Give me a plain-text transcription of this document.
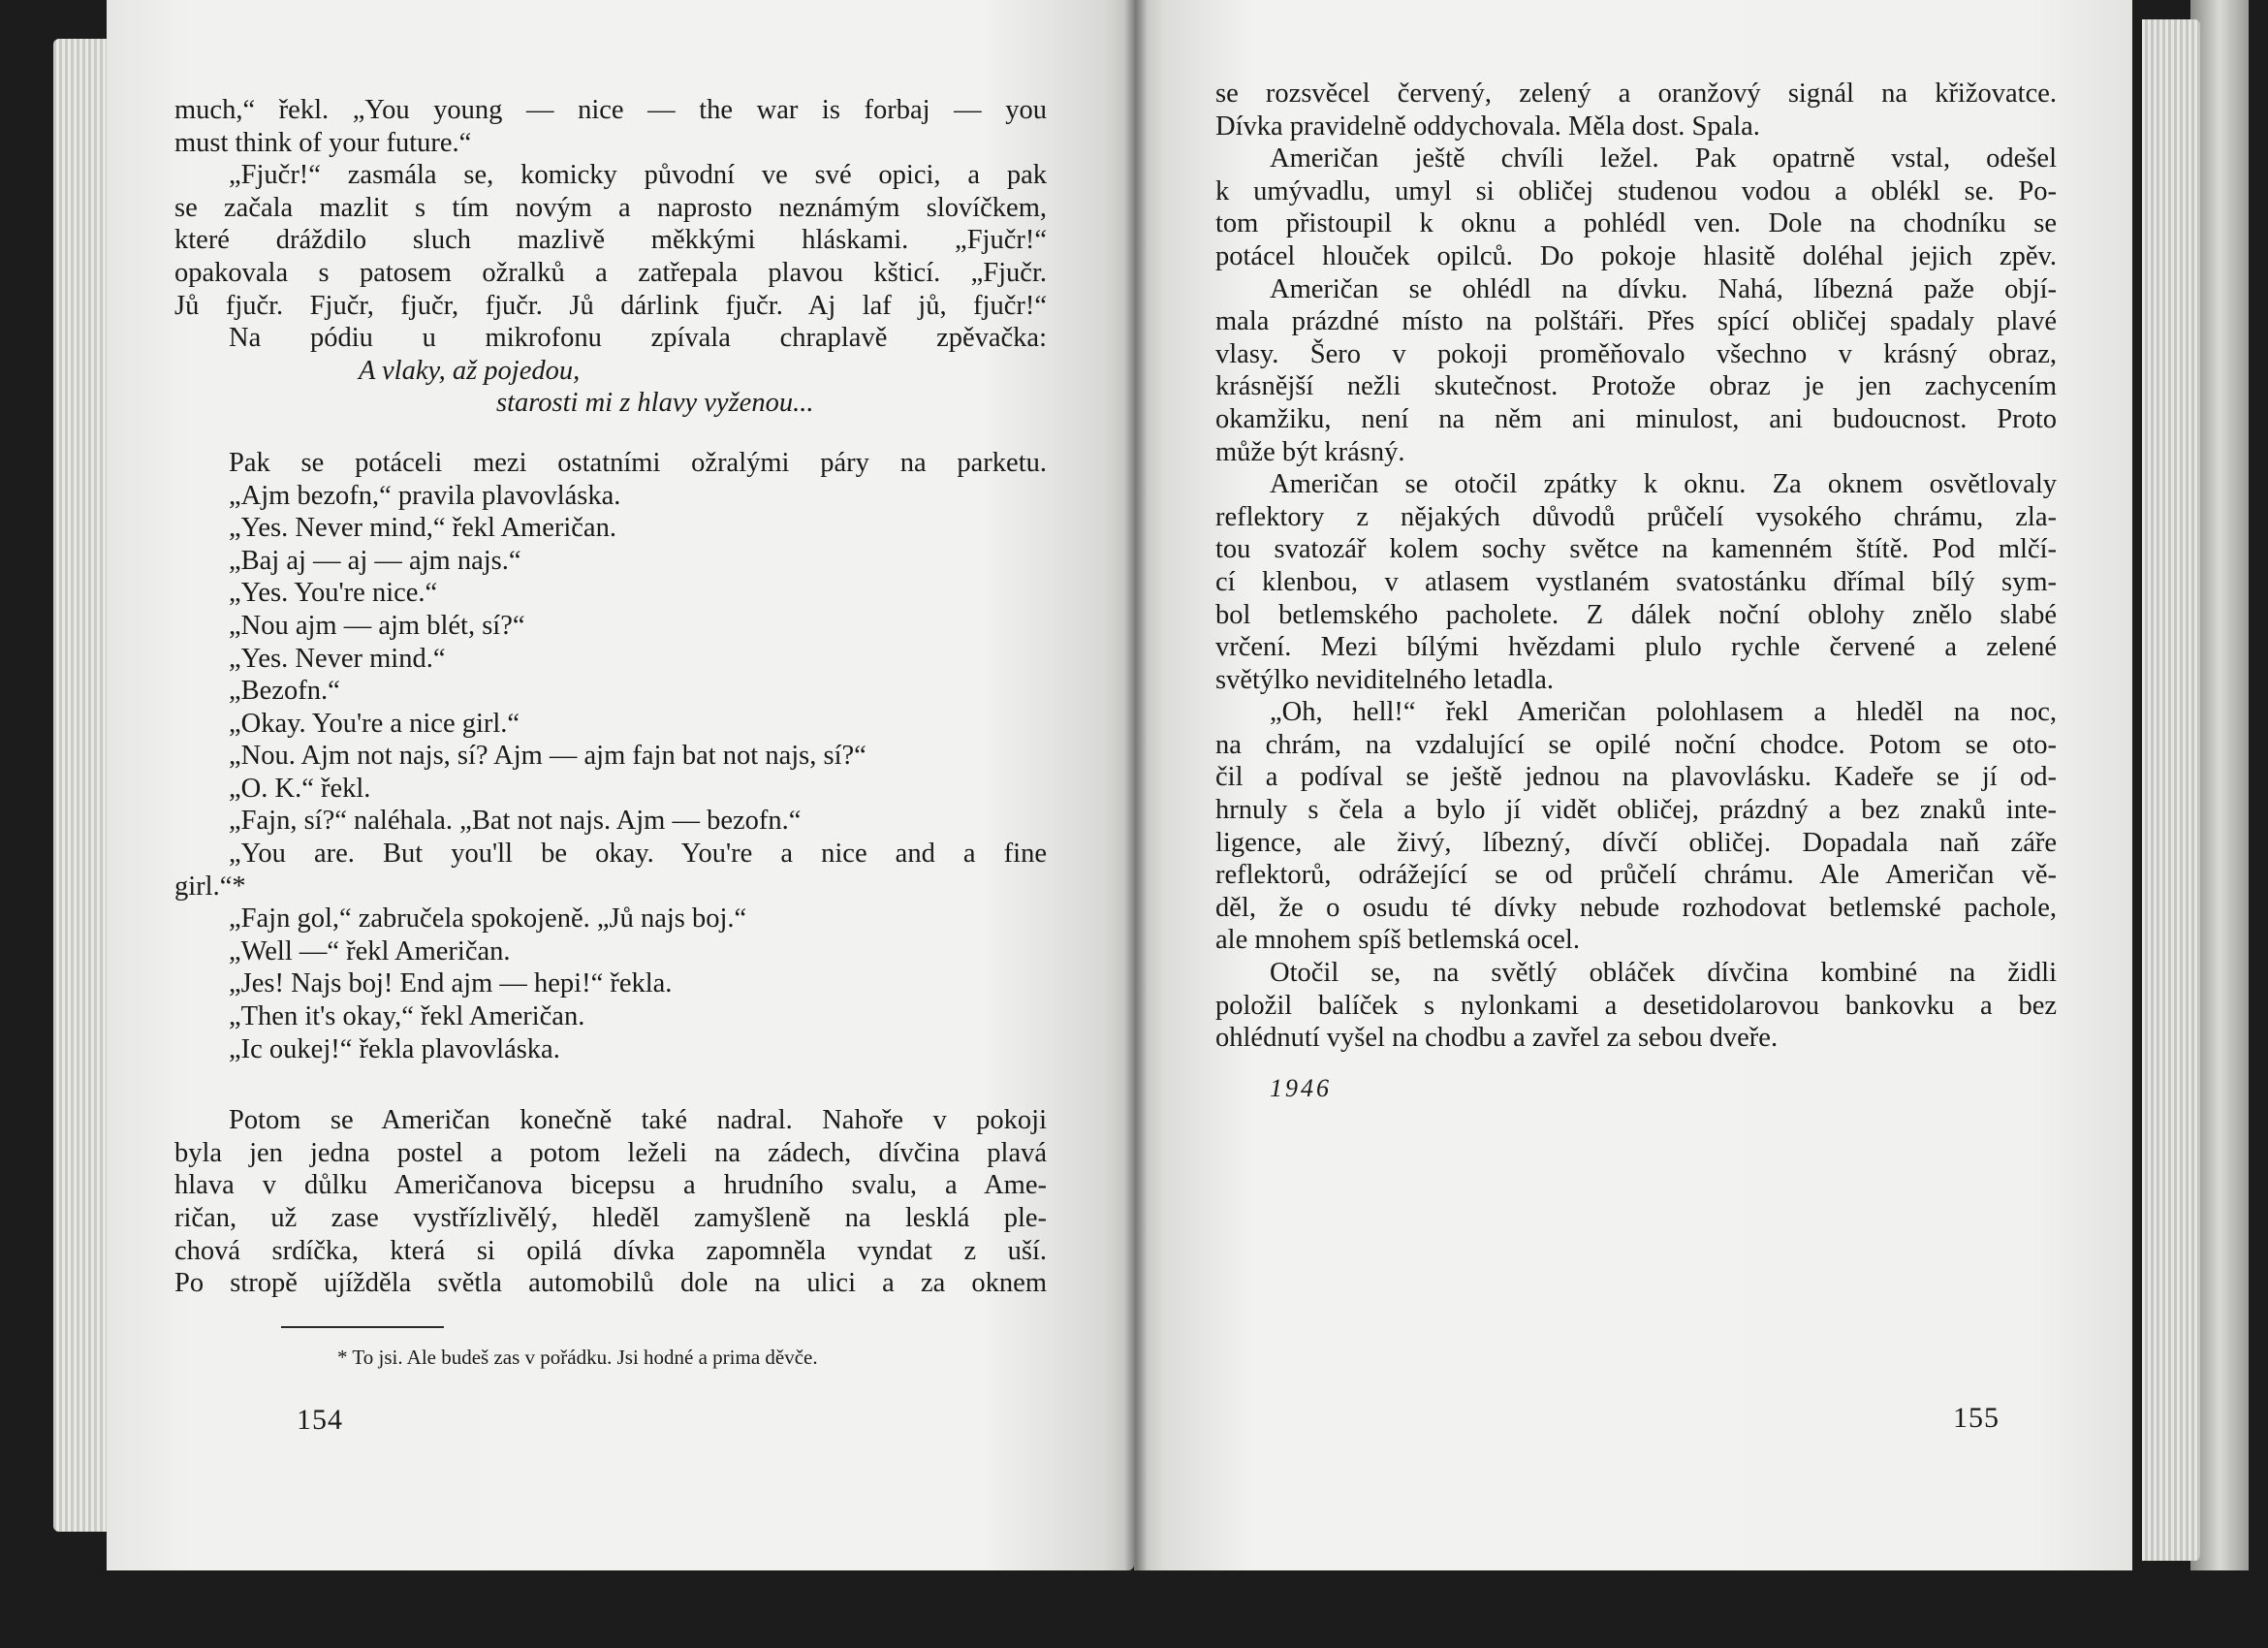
much,“ řekl. „You young — nice — the war is forbaj — you
must think of your future.“
„Fjučr!“ zasmála se, komicky původní ve své opici, a pak
se začala mazlit s tím novým a naprosto neznámým slovíčkem,
které dráždilo sluch mazlivě měkkými hláskami. „Fjučr!“
opakovala s patosem ožralků a zatřepala plavou kšticí. „Fjučr.
Jů fjučr. Fjučr, fjučr, fjučr. Jů dárlink fjučr. Aj laf jů, fjučr!“
Na pódiu u mikrofonu zpívala chraplavě zpěvačka:
A vlaky, až pojedou,
starosti mi z hlavy vyženou...
Pak se potáceli mezi ostatními ožralými páry na parketu.
„Ajm bezofn,“ pravila plavovláska.
„Yes. Never mind,“ řekl Američan.
„Baj aj — aj — ajm najs.“
„Yes. You're nice.“
„Nou ajm — ajm blét, sí?“
„Yes. Never mind.“
„Bezofn.“
„Okay. You're a nice girl.“
„Nou. Ajm not najs, sí? Ajm — ajm fajn bat not najs, sí?“
„O. K.“ řekl.
„Fajn, sí?“ naléhala. „Bat not najs. Ajm — bezofn.“
„You are. But you'll be okay. You're a nice and a fine
girl.“*
„Fajn gol,“ zabručela spokojeně. „Jů najs boj.“
„Well —“ řekl Američan.
„Jes! Najs boj! End ajm — hepi!“ řekla.
„Then it's okay,“ řekl Američan.
„Ic oukej!“ řekla plavovláska.
Potom se Američan konečně také nadral. Nahoře v pokoji
byla jen jedna postel a potom leželi na zádech, dívčina plavá
hlava v důlku Američanova bicepsu a hrudního svalu, a Ame-
ričan, už zase vystřízlivělý, hleděl zamyšleně na lesklá ple-
chová srdíčka, která si opilá dívka zapomněla vyndat z uší.
Po stropě ujížděla světla automobilů dole na ulici a za oknem
* To jsi. Ale budeš zas v pořádku. Jsi hodné a prima děvče.
154
se rozsvěcel červený, zelený a oranžový signál na křižovatce.
Dívka pravidelně oddychovala. Měla dost. Spala.
Američan ještě chvíli ležel. Pak opatrně vstal, odešel
k umývadlu, umyl si obličej studenou vodou a oblékl se. Po-
tom přistoupil k oknu a pohlédl ven. Dole na chodníku se
potácel hlouček opilců. Do pokoje hlasitě doléhal jejich zpěv.
Američan se ohlédl na dívku. Nahá, líbezná paže objí-
mala prázdné místo na polštáři. Přes spící obličej spadaly plavé
vlasy. Šero v pokoji proměňovalo všechno v krásný obraz,
krásnější nežli skutečnost. Protože obraz je jen zachycením
okamžiku, není na něm ani minulost, ani budoucnost. Proto
může být krásný.
Američan se otočil zpátky k oknu. Za oknem osvětlovaly
reflektory z nějakých důvodů průčelí vysokého chrámu, zla-
tou svatozář kolem sochy světce na kamenném štítě. Pod mlčí-
cí klenbou, v atlasem vystlaném svatostánku dřímal bílý sym-
bol betlemského pacholete. Z dálek noční oblohy znělo slabé
vrčení. Mezi bílými hvězdami plulo rychle červené a zelené
světýlko neviditelného letadla.
„Oh, hell!“ řekl Američan polohlasem a hleděl na noc,
na chrám, na vzdalující se opilé noční chodce. Potom se oto-
čil a podíval se ještě jednou na plavovlásku. Kadeře se jí od-
hrnuly s čela a bylo jí vidět obličej, prázdný a bez znaků inte-
ligence, ale živý, líbezný, dívčí obličej. Dopadala naň záře
reflektorů, odrážející se od průčelí chrámu. Ale Američan vě-
děl, že o osudu té dívky nebude rozhodovat betlemské pachole,
ale mnohem spíš betlemská ocel.
Otočil se, na světlý obláček dívčina kombiné na židli
položil balíček s nylonkami a desetidolarovou bankovku a bez
ohlédnutí vyšel na chodbu a zavřel za sebou dveře.
1946
155
